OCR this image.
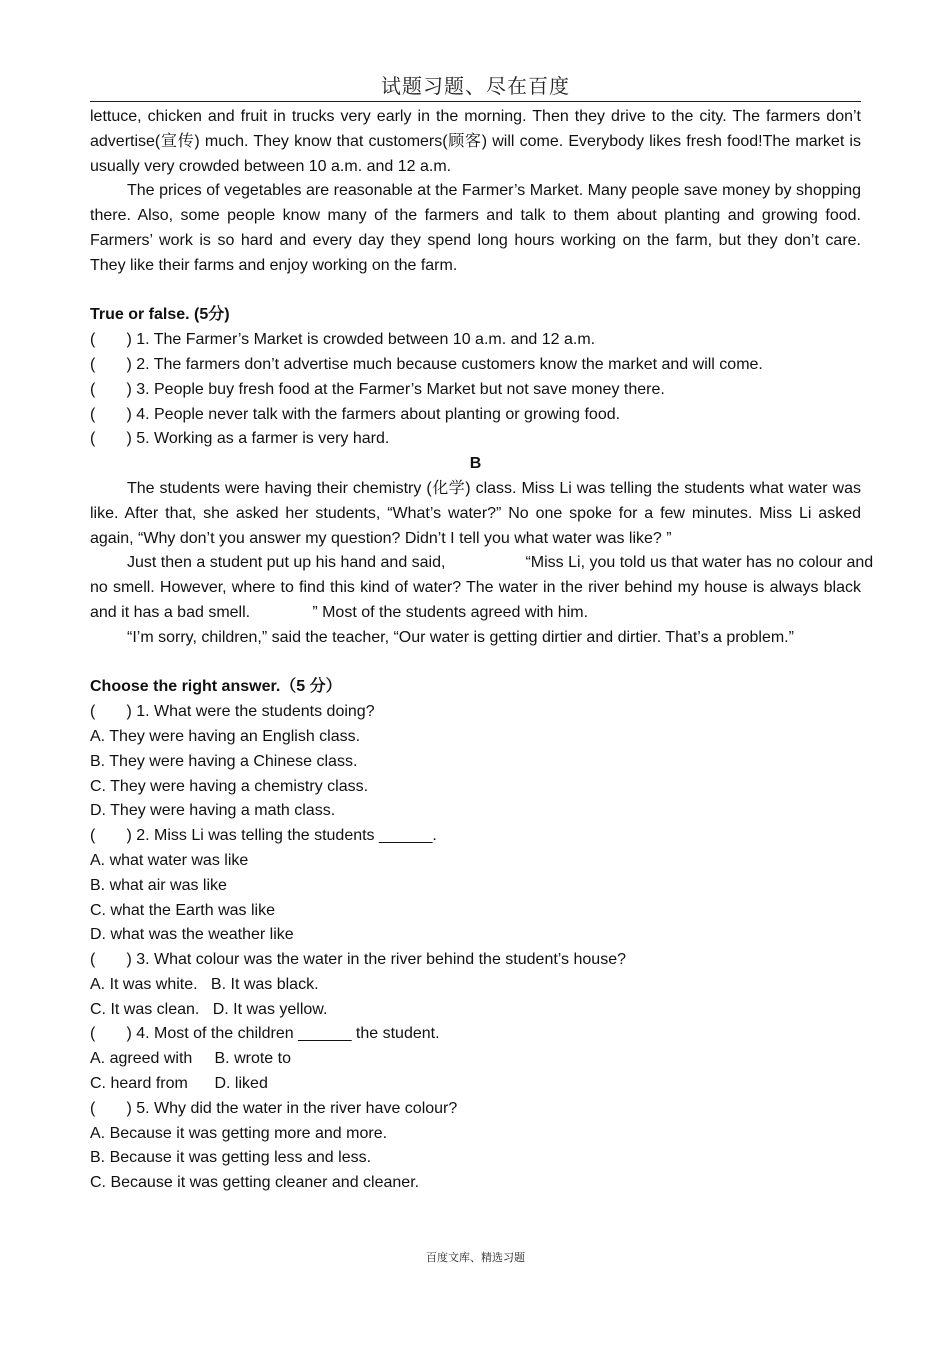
试题习题、尽在百度

lettuce, chicken and fruit in trucks very early in the morning. Then they drive to the city. The farmers don’t advertise(宣传) much. They know that customers(顾客) will come. Everybody likes fresh food!The market is usually very crowded between 10 a.m. and 12 a.m.

The prices of vegetables are reasonable at the Farmer’s Market. Many people save money by shopping there. Also, some people know many of the farmers and talk to them about planting and growing food. Farmers’ work is so hard and every day they spend long hours working on the farm, but they don’t care. They like their farms and enjoy working on the farm.

True or false. (5分)

(       ) 1. The Farmer’s Market is crowded between 10 a.m. and 12 a.m.

(       ) 2. The farmers don’t advertise much because customers know the market and will come.

(       ) 3. People buy fresh food at the Farmer’s Market but not save money there.

(       ) 4. People never talk with the farmers about planting or growing food.

(       ) 5. Working as a farmer is very hard.

B

The students were having their chemistry (化学) class. Miss Li was telling the students what water was like. After that, she asked her students, “What’s water?” No one spoke for a few minutes. Miss Li asked again, “Why don’t you answer my question? Didn’t I tell you what water was like? ”

Just then a student put up his hand and said,                  “Miss Li, you told us that water has no colour and

no smell. However, where to find this kind of water? The water in the river behind my house is always black and it has a bad smell.              ” Most of the students agreed with him.

“I’m sorry, children,” said the teacher, “Our water is getting dirtier and dirtier. That’s a problem.”

Choose the right answer.（5 分）

(       ) 1. What were the students doing?

A. They were having an English class.

B. They were having a Chinese class.

C. They were having a chemistry class.

D. They were having a math class.

(       ) 2. Miss Li was telling the students ______.

A. what water was like

B. what air was like

C. what the Earth was like

D. what was the weather like

(       ) 3. What colour was the water in the river behind the student’s house?

A. It was white.   B. It was black.

C. It was clean.   D. It was yellow.

(       ) 4. Most of the children ______ the student.

A. agreed with     B. wrote to

C. heard from      D. liked

(       ) 5. Why did the water in the river have colour?

A. Because it was getting more and more.

B. Because it was getting less and less.

C. Because it was getting cleaner and cleaner.

百度文库、精选习题
